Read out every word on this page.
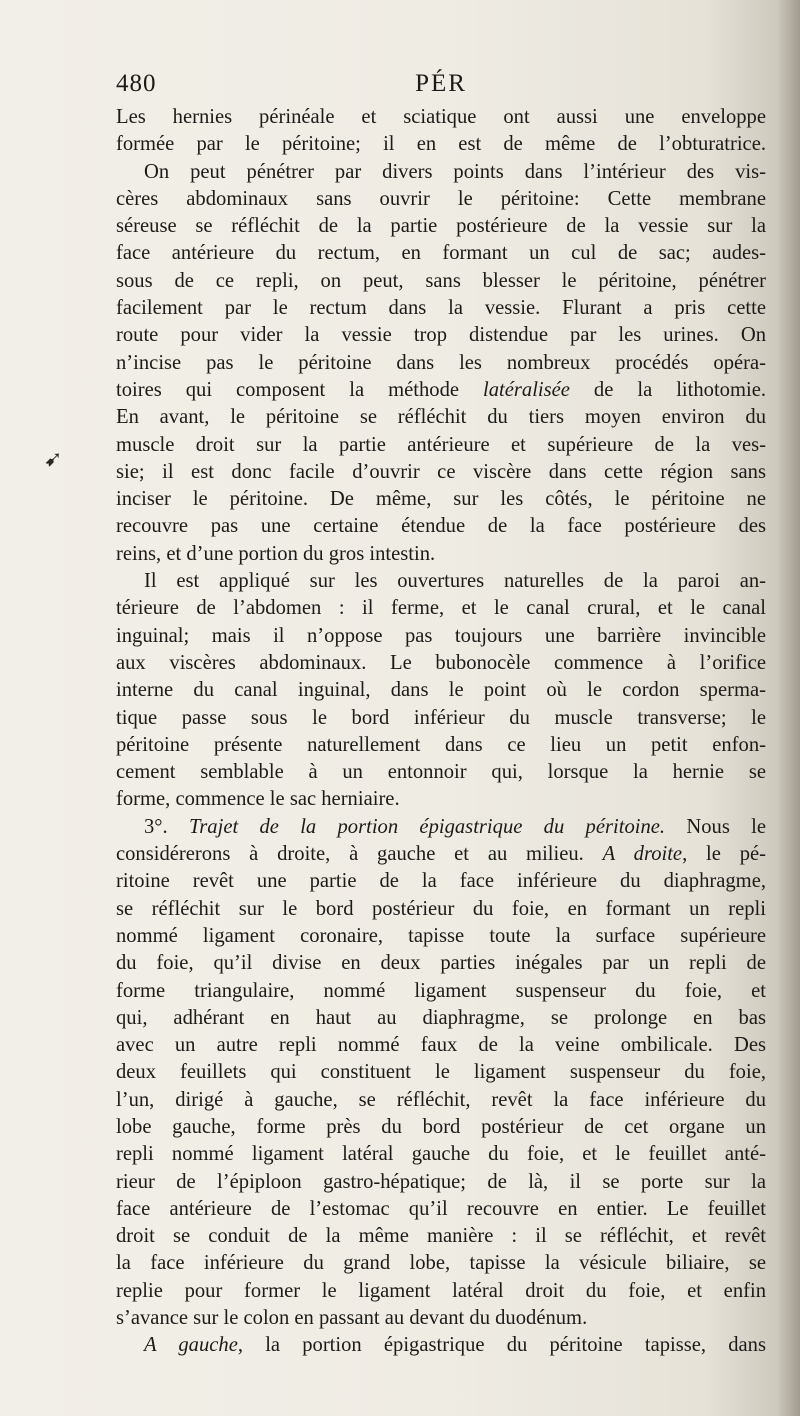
480	PÉR
➹
Les hernies périnéale et sciatique ont aussi une enveloppe
formée par le péritoine; il en est de même de l’obturatrice.
On peut pénétrer par divers points dans l’intérieur des vis-
cères abdominaux sans ouvrir le péritoine: Cette membrane
séreuse se réfléchit de la partie postérieure de la vessie sur la
face antérieure du rectum, en formant un cul de sac; audes-
sous de ce repli, on peut, sans blesser le péritoine, pénétrer
facilement par le rectum dans la vessie. Flurant a pris cette
route pour vider la vessie trop distendue par les urines. On
n’incise pas le péritoine dans les nombreux procédés opéra-
toires qui composent la méthode latéralisée de la lithotomie.
En avant, le péritoine se réfléchit du tiers moyen environ du
muscle droit sur la partie antérieure et supérieure de la ves-
sie; il est donc facile d’ouvrir ce viscère dans cette région sans
inciser le péritoine. De même, sur les côtés, le péritoine ne
recouvre pas une certaine étendue de la face postérieure des
reins, et d’une portion du gros intestin.
Il est appliqué sur les ouvertures naturelles de la paroi an-
térieure de l’abdomen : il ferme, et le canal crural, et le canal
inguinal; mais il n’oppose pas toujours une barrière invincible
aux viscères abdominaux. Le bubonocèle commence à l’orifice
interne du canal inguinal, dans le point où le cordon sperma-
tique passe sous le bord inférieur du muscle transverse; le
péritoine présente naturellement dans ce lieu un petit enfon-
cement semblable à un entonnoir qui, lorsque la hernie se
forme, commence le sac herniaire.
3°. Trajet de la portion épigastrique du péritoine. Nous le
considérerons à droite, à gauche et au milieu. A droite, le pé-
ritoine revêt une partie de la face inférieure du diaphragme,
se réfléchit sur le bord postérieur du foie, en formant un repli
nommé ligament coronaire, tapisse toute la surface supérieure
du foie, qu’il divise en deux parties inégales par un repli de
forme triangulaire, nommé ligament suspenseur du foie, et
qui, adhérant en haut au diaphragme, se prolonge en bas
avec un autre repli nommé faux de la veine ombilicale. Des
deux feuillets qui constituent le ligament suspenseur du foie,
l’un, dirigé à gauche, se réfléchit, revêt la face inférieure du
lobe gauche, forme près du bord postérieur de cet organe un
repli nommé ligament latéral gauche du foie, et le feuillet anté-
rieur de l’épiploon gastro-hépatique; de là, il se porte sur la
face antérieure de l’estomac qu’il recouvre en entier. Le feuillet
droit se conduit de la même manière : il se réfléchit, et revêt
la face inférieure du grand lobe, tapisse la vésicule biliaire, se
replie pour former le ligament latéral droit du foie, et enfin
s’avance sur le colon en passant au devant du duodénum.
A gauche, la portion épigastrique du péritoine tapisse, dans
